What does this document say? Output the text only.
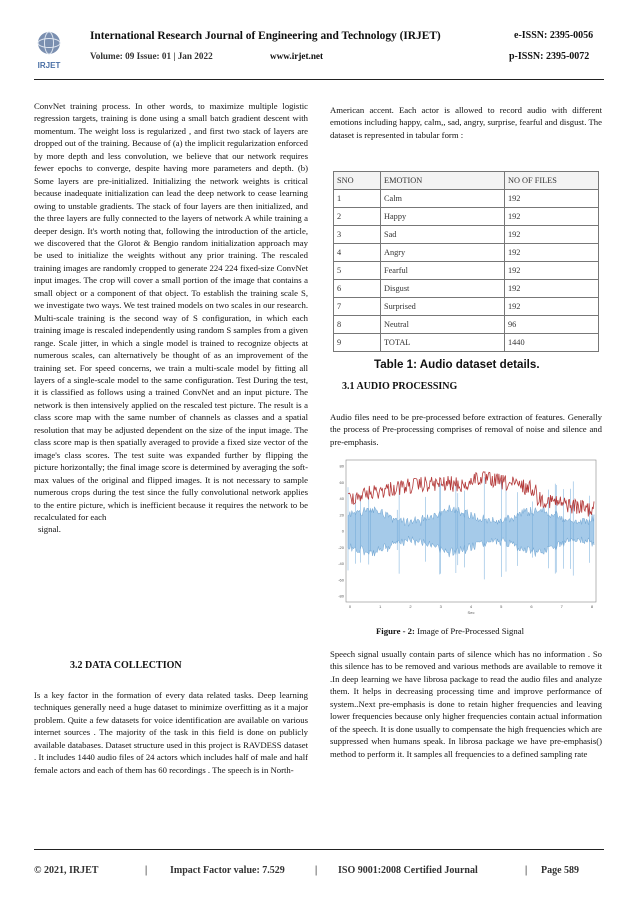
IRJET
International Research Journal of Engineering and Technology (IRJET)
Volume: 09 Issue: 01 | Jan 2022	www.irjet.net
e-ISSN: 2395-0056
p-ISSN: 2395-0072

ConvNet training process. In other words, to maximize multiple logistic regression targets, training is done using a small batch gradient descent with momentum. The weight loss is regularized , and first two stack of layers are dropped out of the training. Because of (a) the implicit regularization enforced by more depth and less convolution, we believe that our network requires fewer epochs to converge, despite having more parameters and depth. (b) Some layers are pre-initialized. Initializing the network weights is critical because inadequate initialization can lead the deep network to cease learning owing to unstable gradients. The stack of four layers are then initialized, and the three layers are fully connected to the layers of network A while training a deeper design. It's worth noting that, following the introduction of the article, we discovered that the Glorot & Bengio random initialization approach may be used to initialize the weights without any prior training. The rescaled training images are randomly cropped to generate 224 224 fixed-size ConvNet input images. The crop will cover a small portion of the image that contains a small object or a component of that object. To establish the training scale S, we investigate two ways. We test trained models on two scales in our research. Multi-scale training is the second way of S configuration, in which each training image is rescaled independently using random S samples from a given range. Scale jitter, in which a single model is trained to recognize objects at numerous scales, can alternatively be thought of as an improvement of the training set. For speed concerns, we train a multi-scale model by fitting all layers of a single-scale model to the same configuration. Test During the test, it is classified as follows using a trained ConvNet and an input picture. The network is then intensively applied on the rescaled test picture. The result is a class score map with the same number of channels as classes and a spatial resolution that may be adjusted dependent on the size of the input image. The class score map is then spatially averaged to provide a fixed size vector of the image's class scores. The test suite was expanded further by flipping the picture horizontally; the final image score is determined by averaging the soft-max values of the original and flipped images. It is not necessary to sample numerous crops during the test since the fully convolutional network applies to the entire picture, which is inefficient because it requires the network to be recalculated for each

signal.

3.2 DATA COLLECTION

Is a key factor in the formation of every data related tasks. Deep learning techniques generally need a huge dataset to minimize overfitting as it a major problem. Quite a few datasets for voice identification are available on various internet sources . The majority of the task in this field is done on publicly available databases. Dataset structure used in this project is RAVDESS dataset . It includes 1440 audio files of 24 actors which includes half of male and half female actors and each of them has 60 recordings . The speech is in North-

American accent. Each actor is allowed to record audio with different emotions including happy, calm,, sad, angry, surprise, fearful and disgust. The dataset is represented in tabular form :

SNO	EMOTION	NO OF FILES
1	Calm	192
2	Happy	192
3	Sad	192
4	Angry	192
5	Fearful	192
6	Disgust	192
7	Surprised	192
8	Neutral	96
9	TOTAL	1440
Table 1: Audio dataset details.
3.1 AUDIO PROCESSING

Audio files need to be pre-processed before extraction of features. Generally the process of Pre-processing comprises of removal of noise and silence and pre-emphasis.

80
60
40
20
0
-20
-40
-60
-80
0	1	2	3	4	5	6	7	8
Sec
Figure - 2: Image of Pre-Processed Signal

Speech signal usually contain parts of silence which has no information . So this silence has to be removed and various methods are available to remove it .In deep learning we have librosa package to read the audio files and analyze them. It helps in decreasing processing time and improve performance of system..Next pre-emphasis is done to retain higher frequencies and leaving lower frequencies because only higher frequencies contain actual information of the speech. It is done usually to compensate the high frequencies which are suppressed when humans speak. In librosa package we have pre-emphasis() method to perform it. It samples all frequencies to a defined sampling rate

© 2021, IRJET	| Impact Factor value: 7.529	| ISO 9001:2008 Certified Journal	| Page 589
